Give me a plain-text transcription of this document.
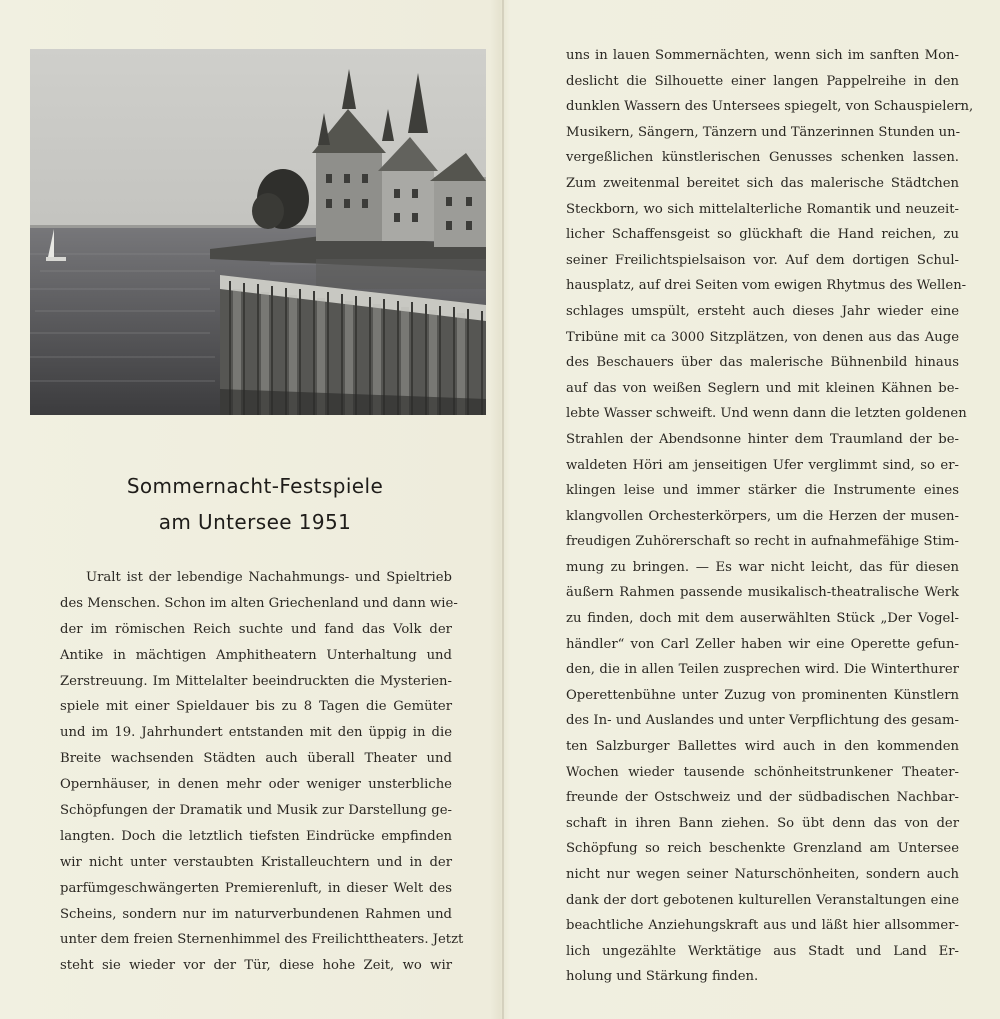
Sommernacht-Festspiele
am Untersee 1951
Uralt ist der lebendige Nachahmungs- und Spieltrieb
des Menschen. Schon im alten Griechenland und dann wie-
der im römischen Reich suchte und fand das Volk der
Antike in mächtigen Amphitheatern Unterhaltung und
Zerstreuung. Im Mittelalter beeindruckten die Mysterien-
spiele mit einer Spieldauer bis zu 8 Tagen die Gemüter
und im 19. Jahrhundert entstanden mit den üppig in die
Breite wachsenden Städten auch überall Theater und
Opernhäuser, in denen mehr oder weniger unsterbliche
Schöpfungen der Dramatik und Musik zur Darstellung ge-
langten. Doch die letztlich tiefsten Eindrücke empfinden
wir nicht unter verstaubten Kristalleuchtern und in der
parfümgeschwängerten Premierenluft, in dieser Welt des
Scheins, sondern nur im naturverbundenen Rahmen und
unter dem freien Sternenhimmel des Freilichttheaters. Jetzt
steht sie wieder vor der Tür, diese hohe Zeit, wo wir
uns in lauen Sommernächten, wenn sich im sanften Mon-
deslicht die Silhouette einer langen Pappelreihe in den
dunklen Wassern des Untersees spiegelt, von Schauspielern,
Musikern, Sängern, Tänzern und Tänzerinnen Stunden un-
vergeßlichen künstlerischen Genusses schenken lassen.
Zum zweitenmal bereitet sich das malerische Städtchen
Steckborn, wo sich mittelalterliche Romantik und neuzeit-
licher Schaffensgeist so glückhaft die Hand reichen, zu
seiner Freilichtspielsaison vor. Auf dem dortigen Schul-
hausplatz, auf drei Seiten vom ewigen Rhytmus des Wellen-
schlages umspült, ersteht auch dieses Jahr wieder eine
Tribüne mit ca 3000 Sitzplätzen, von denen aus das Auge
des Beschauers über das malerische Bühnenbild hinaus
auf das von weißen Seglern und mit kleinen Kähnen be-
lebte Wasser schweift. Und wenn dann die letzten goldenen
Strahlen der Abendsonne hinter dem Traumland der be-
waldeten Höri am jenseitigen Ufer verglimmt sind, so er-
klingen leise und immer stärker die Instrumente eines
klangvollen Orchesterkörpers, um die Herzen der musen-
freudigen Zuhörerschaft so recht in aufnahmefähige Stim-
mung zu bringen. — Es war nicht leicht, das für diesen
äußern Rahmen passende musikalisch-theatralische Werk
zu finden, doch mit dem auserwählten Stück „Der Vogel-
händler“ von Carl Zeller haben wir eine Operette gefun-
den, die in allen Teilen zusprechen wird. Die Winterthurer
Operettenbühne unter Zuzug von prominenten Künstlern
des In- und Auslandes und unter Verpflichtung des gesam-
ten Salzburger Ballettes wird auch in den kommenden
Wochen wieder tausende schönheitstrunkener Theater-
freunde der Ostschweiz und der südbadischen Nachbar-
schaft in ihren Bann ziehen. So übt denn das von der
Schöpfung so reich beschenkte Grenzland am Untersee
nicht nur wegen seiner Naturschönheiten, sondern auch
dank der dort gebotenen kulturellen Veranstaltungen eine
beachtliche Anziehungskraft aus und läßt hier allsommer-
lich ungezählte Werktätige aus Stadt und Land Er-
holung und Stärkung finden.
